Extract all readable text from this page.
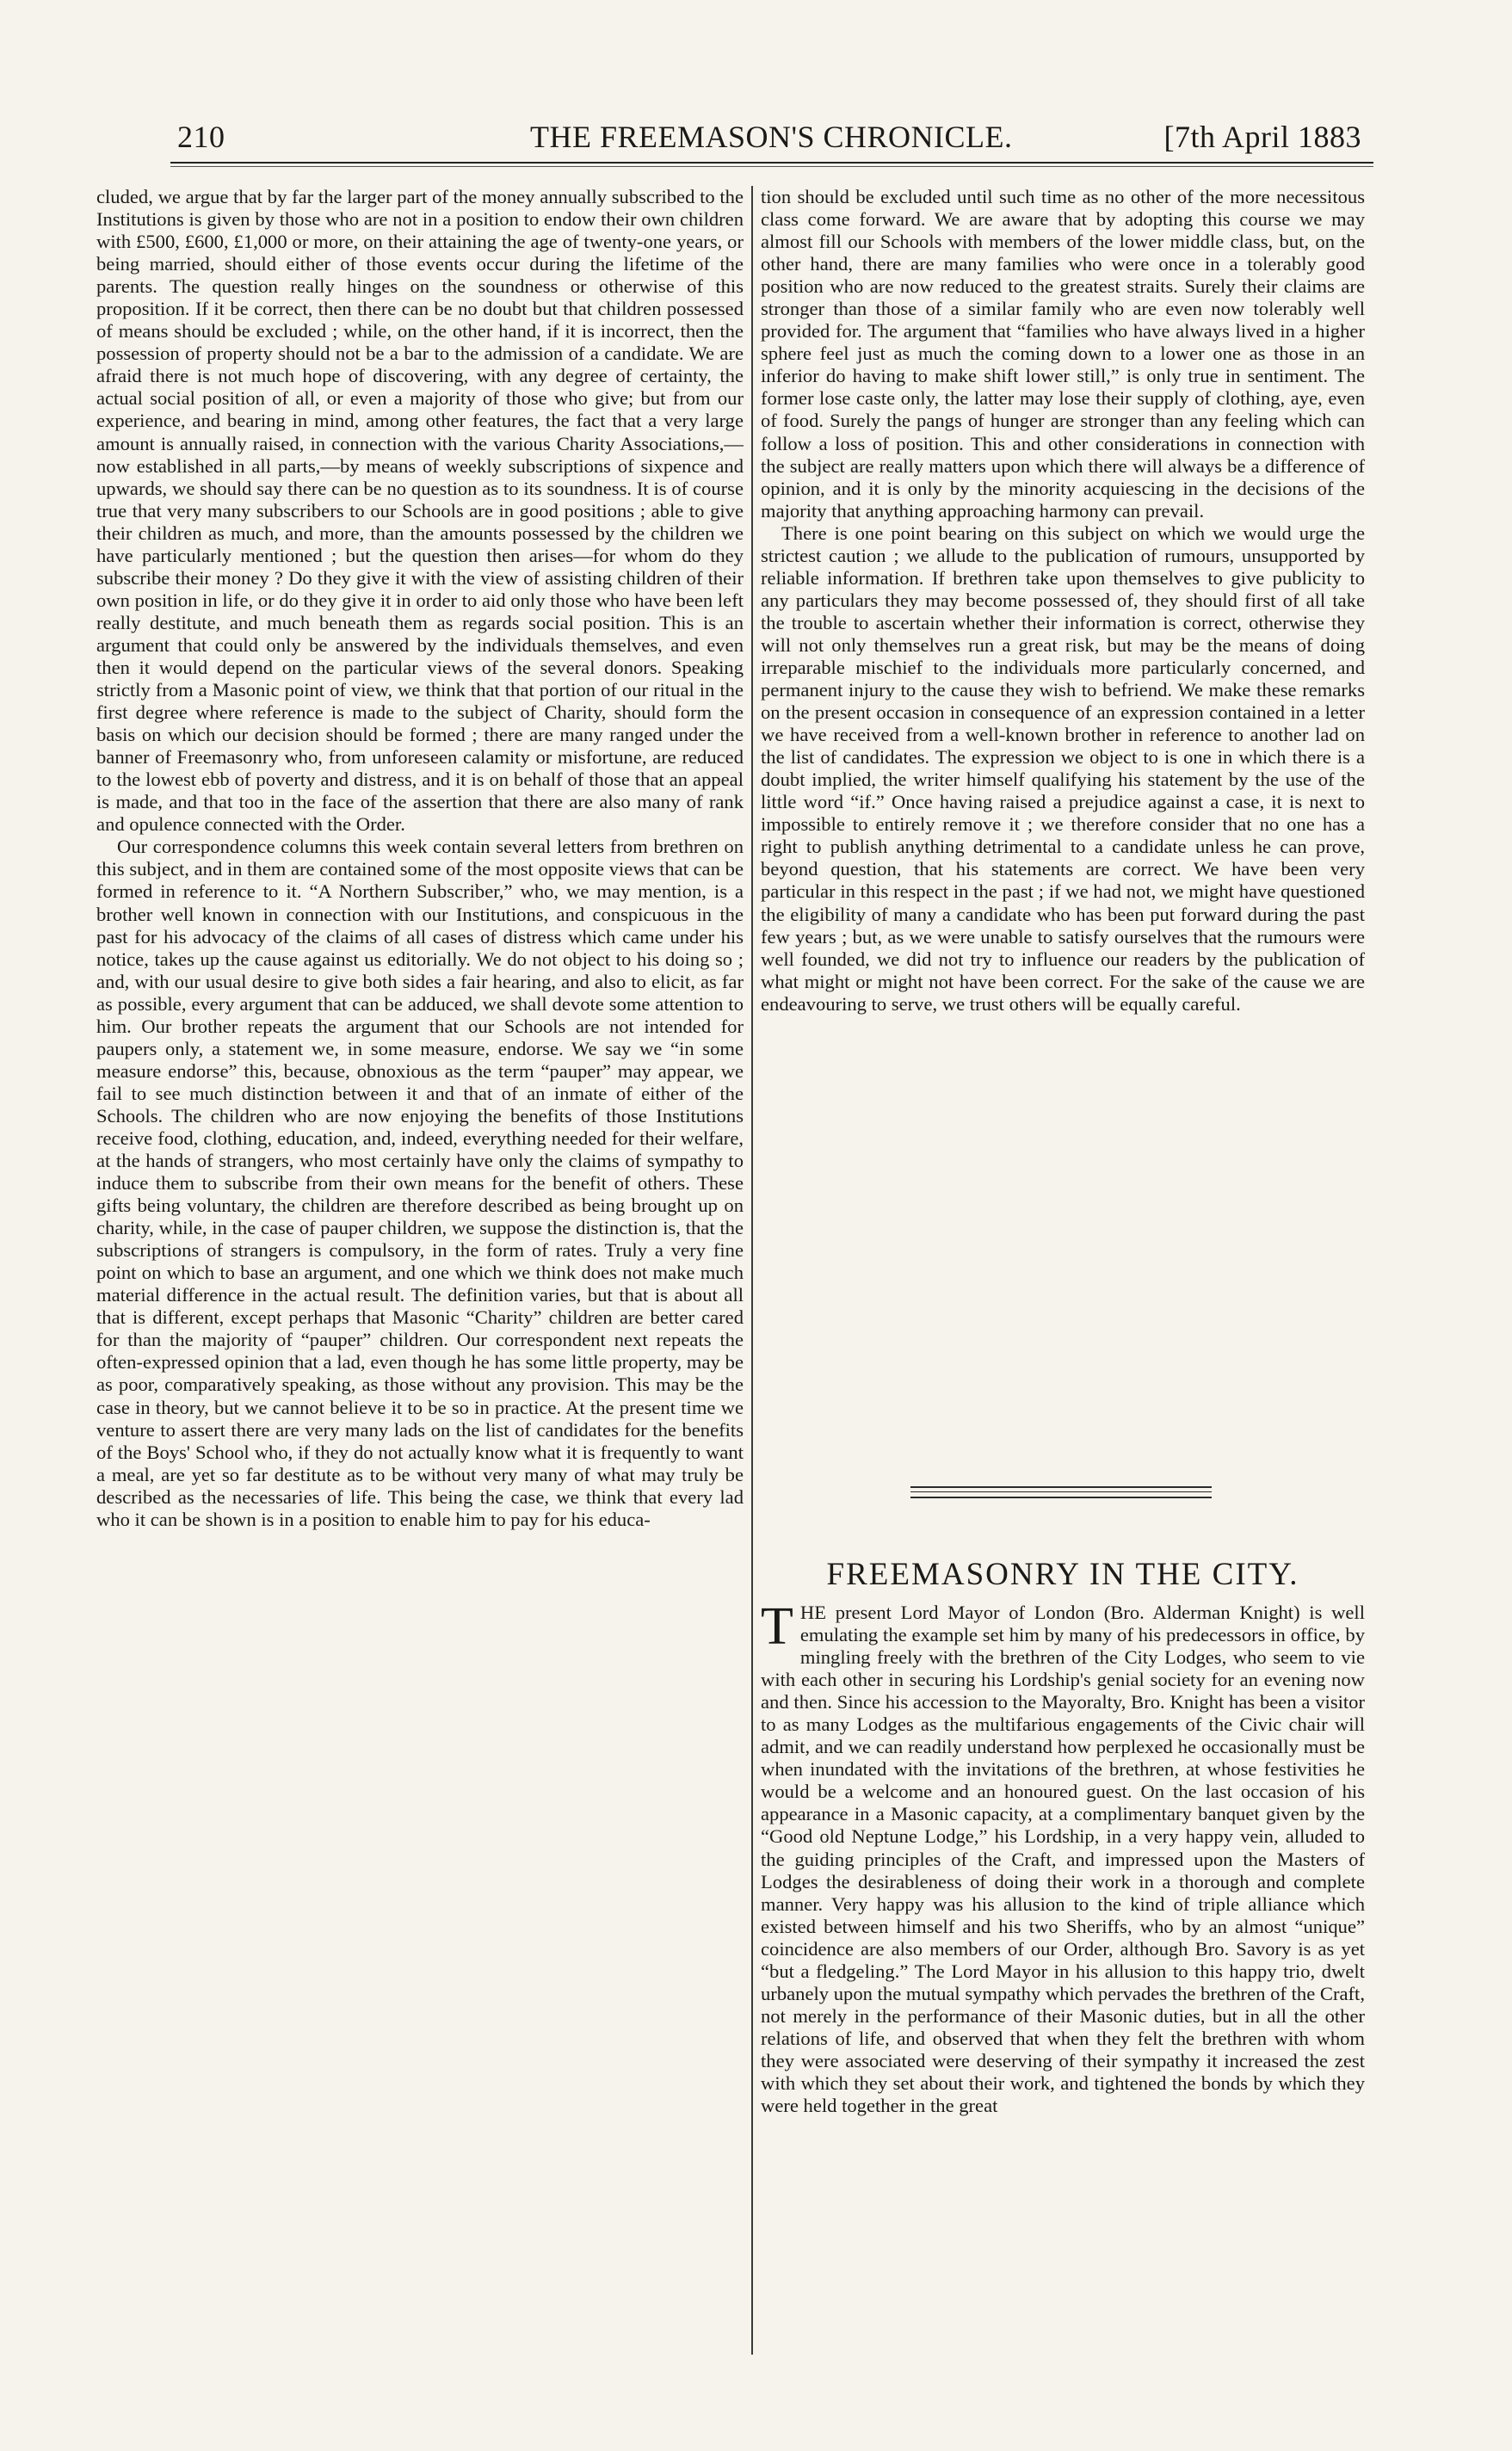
210	THE FREEMASON'S CHRONICLE.	[7th April 1883

cluded, we argue that by far the larger part of the money annually subscribed to the Institutions is given by those who are not in a position to endow their own children with £500, £600, £1,000 or more, on their attaining the age of twenty-one years, or being married, should either of those events occur during the lifetime of the parents. The question really hinges on the soundness or otherwise of this proposition. If it be correct, then there can be no doubt but that children possessed of means should be excluded ; while, on the other hand, if it is incorrect, then the possession of property should not be a bar to the admission of a candidate. We are afraid there is not much hope of discovering, with any degree of certainty, the actual social position of all, or even a majority of those who give; but from our experience, and bearing in mind, among other features, the fact that a very large amount is annually raised, in connection with the various Charity Associations,—now established in all parts,—by means of weekly subscriptions of sixpence and upwards, we should say there can be no question as to its soundness. It is of course true that very many subscribers to our Schools are in good positions ; able to give their children as much, and more, than the amounts possessed by the children we have particularly mentioned ; but the question then arises—for whom do they subscribe their money ? Do they give it with the view of assisting children of their own position in life, or do they give it in order to aid only those who have been left really destitute, and much beneath them as regards social position. This is an argument that could only be answered by the individuals themselves, and even then it would depend on the particular views of the several donors. Speaking strictly from a Masonic point of view, we think that that portion of our ritual in the first degree where reference is made to the subject of Charity, should form the basis on which our decision should be formed ; there are many ranged under the banner of Freemasonry who, from unforeseen calamity or misfortune, are reduced to the lowest ebb of poverty and distress, and it is on behalf of those that an appeal is made, and that too in the face of the assertion that there are also many of rank and opulence connected with the Order.

Our correspondence columns this week contain several letters from brethren on this subject, and in them are contained some of the most opposite views that can be formed in reference to it. “A Northern Subscriber,” who, we may mention, is a brother well known in connection with our Institutions, and conspicuous in the past for his advocacy of the claims of all cases of distress which came under his notice, takes up the cause against us editorially. We do not object to his doing so ; and, with our usual desire to give both sides a fair hearing, and also to elicit, as far as possible, every argument that can be adduced, we shall devote some attention to him. Our brother repeats the argument that our Schools are not intended for paupers only, a statement we, in some measure, endorse. We say we “in some measure endorse” this, because, obnoxious as the term “pauper” may appear, we fail to see much distinction between it and that of an inmate of either of the Schools. The children who are now enjoying the benefits of those Institutions receive food, clothing, education, and, indeed, everything needed for their welfare, at the hands of strangers, who most certainly have only the claims of sympathy to induce them to subscribe from their own means for the benefit of others. These gifts being voluntary, the children are therefore described as being brought up on charity, while, in the case of pauper children, we suppose the distinction is, that the subscriptions of strangers is compulsory, in the form of rates. Truly a very fine point on which to base an argument, and one which we think does not make much material difference in the actual result. The definition varies, but that is about all that is different, except perhaps that Masonic “Charity” children are better cared for than the majority of “pauper” children. Our correspondent next repeats the often-expressed opinion that a lad, even though he has some little property, may be as poor, comparatively speaking, as those without any provision. This may be the case in theory, but we cannot believe it to be so in practice. At the present time we venture to assert there are very many lads on the list of candidates for the benefits of the Boys' School who, if they do not actually know what it is frequently to want a meal, are yet so far destitute as to be without very many of what may truly be described as the necessaries of life. This being the case, we think that every lad who it can be shown is in a position to enable him to pay for his educa-

tion should be excluded until such time as no other of the more necessitous class come forward. We are aware that by adopting this course we may almost fill our Schools with members of the lower middle class, but, on the other hand, there are many families who were once in a tolerably good position who are now reduced to the greatest straits. Surely their claims are stronger than those of a similar family who are even now tolerably well provided for. The argument that “families who have always lived in a higher sphere feel just as much the coming down to a lower one as those in an inferior do having to make shift lower still,” is only true in sentiment. The former lose caste only, the latter may lose their supply of clothing, aye, even of food. Surely the pangs of hunger are stronger than any feeling which can follow a loss of position. This and other considerations in connection with the subject are really matters upon which there will always be a difference of opinion, and it is only by the minority acquiescing in the decisions of the majority that anything approaching harmony can prevail.

There is one point bearing on this subject on which we would urge the strictest caution ; we allude to the publication of rumours, unsupported by reliable information. If brethren take upon themselves to give publicity to any particulars they may become possessed of, they should first of all take the trouble to ascertain whether their information is correct, otherwise they will not only themselves run a great risk, but may be the means of doing irreparable mischief to the individuals more particularly concerned, and permanent injury to the cause they wish to befriend. We make these remarks on the present occasion in consequence of an expression contained in a letter we have received from a well-known brother in reference to another lad on the list of candidates. The expression we object to is one in which there is a doubt implied, the writer himself qualifying his statement by the use of the little word “if.” Once having raised a prejudice against a case, it is next to impossible to entirely remove it ; we therefore consider that no one has a right to publish anything detrimental to a candidate unless he can prove, beyond question, that his statements are correct. We have been very particular in this respect in the past ; if we had not, we might have questioned the eligibility of many a candidate who has been put forward during the past few years ; but, as we were unable to satisfy ourselves that the rumours were well founded, we did not try to influence our readers by the publication of what might or might not have been correct. For the sake of the cause we are endeavouring to serve, we trust others will be equally careful.

FREEMASONRY IN THE CITY.

THE present Lord Mayor of London (Bro. Alderman Knight) is well emulating the example set him by many of his predecessors in office, by mingling freely with the brethren of the City Lodges, who seem to vie with each other in securing his Lordship's genial society for an evening now and then. Since his accession to the Mayoralty, Bro. Knight has been a visitor to as many Lodges as the multifarious engagements of the Civic chair will admit, and we can readily understand how perplexed he occasionally must be when inundated with the invitations of the brethren, at whose festivities he would be a welcome and an honoured guest. On the last occasion of his appearance in a Masonic capacity, at a complimentary banquet given by the “Good old Neptune Lodge,” his Lordship, in a very happy vein, alluded to the guiding principles of the Craft, and impressed upon the Masters of Lodges the desirableness of doing their work in a thorough and complete manner. Very happy was his allusion to the kind of triple alliance which existed between himself and his two Sheriffs, who by an almost “unique” coincidence are also members of our Order, although Bro. Savory is as yet “but a fledgeling.” The Lord Mayor in his allusion to this happy trio, dwelt urbanely upon the mutual sympathy which pervades the brethren of the Craft, not merely in the performance of their Masonic duties, but in all the other relations of life, and observed that when they felt the brethren with whom they were associated were deserving of their sympathy it increased the zest with which they set about their work, and tightened the bonds by which they were held together in the great
